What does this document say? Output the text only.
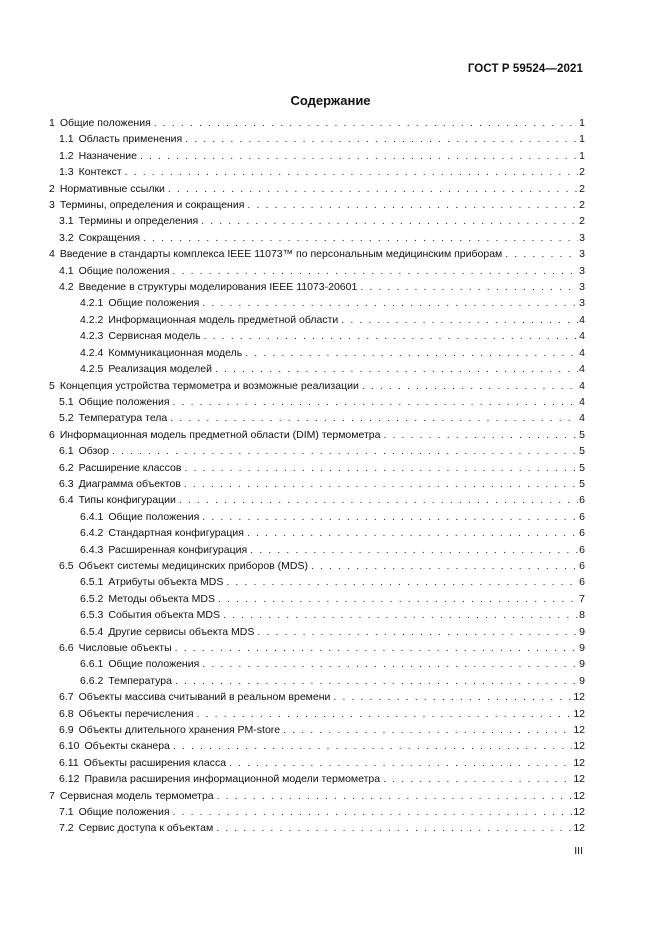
ГОСТ Р 59524—2021
Содержание
1 Общие положения . . .	1
1.1 Область применения . . .	1
1.2 Назначение . . .	1
1.3 Контекст . . .	2
2 Нормативные ссылки . . .	2
3 Термины, определения и сокращения . . .	2
3.1 Термины и определения . . .	2
3.2 Сокращения . . .	3
4 Введение в стандарты комплекса IEEE 11073™ по персональным медицинским приборам . . .	3
4.1 Общие положения . . .	3
4.2 Введение в структуры моделирования IEEE 11073-20601 . . .	3
4.2.1 Общие положения . . .	3
4.2.2 Информационная модель предметной области . . .	4
4.2.3 Сервисная модель . . .	4
4.2.4 Коммуникационная модель . . .	4
4.2.5 Реализация моделей . . .	4
5 Концепция устройства термометра и возможные реализации . . .	4
5.1 Общие положения . . .	4
5.2 Температура тела . . .	4
6 Информационная модель предметной области (DIM) термометра . . .	5
6.1 Обзор . . .	5
6.2 Расширение классов . . .	5
6.3 Диаграмма объектов . . .	5
6.4 Типы конфигурации . . .	6
6.4.1 Общие положения . . .	6
6.4.2 Стандартная конфигурация . . .	6
6.4.3 Расширенная конфигурация . . .	6
6.5 Объект системы медицинских приборов (MDS) . . .	6
6.5.1 Атрибуты объекта MDS . . .	6
6.5.2 Методы объекта MDS . . .	7
6.5.3 События объекта MDS . . .	8
6.5.4 Другие сервисы объекта MDS . . .	9
6.6 Числовые объекты . . .	9
6.6.1 Общие положения . . .	9
6.6.2 Температура . . .	9
6.7 Объекты массива считываний в реальном времени . . .	12
6.8 Объекты перечисления . . .	12
6.9 Объекты длительного хранения PM-store . . .	12
6.10 Объекты сканера . . .	12
6.11 Объекты расширения класса . . .	12
6.12 Правила расширения информационной модели термометра . . .	12
7 Сервисная модель термометра . . .	12
7.1 Общие положения . . .	12
7.2 Сервис доступа к объектам . . .	12
III
